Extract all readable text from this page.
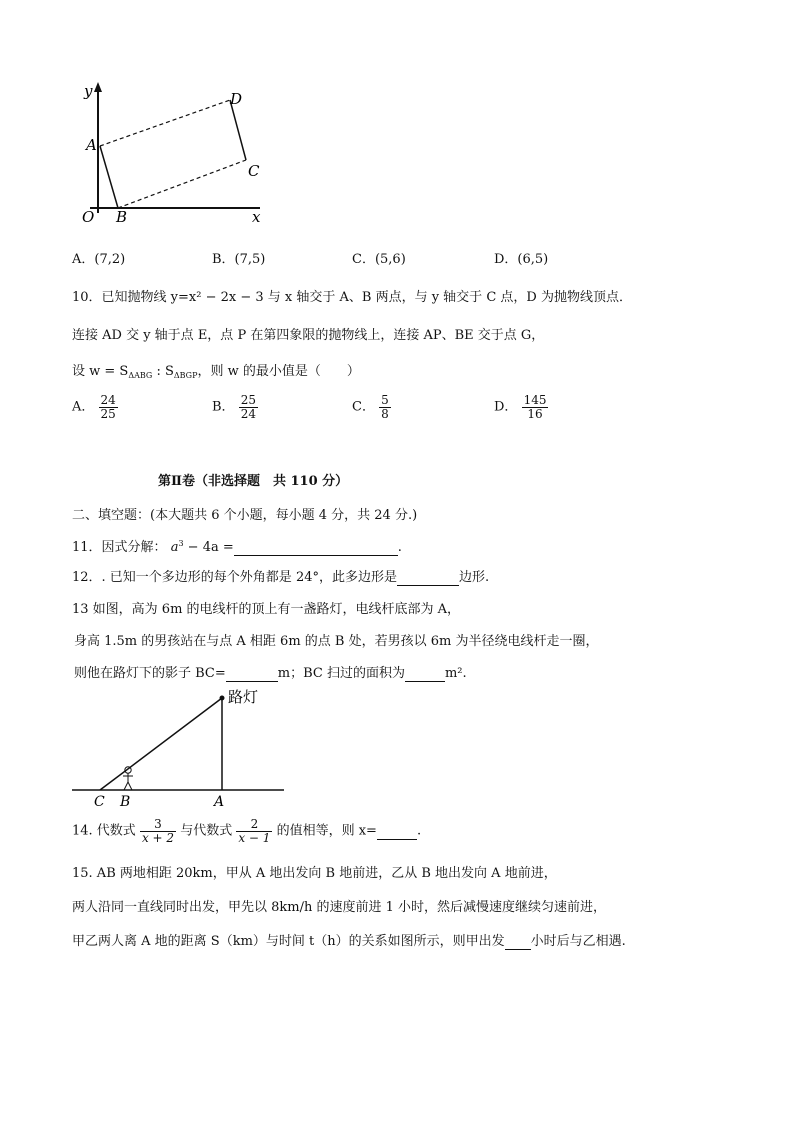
y
x
O
A
B
C
D
A．(7,2)	B．(7,5)	C．(5,6)	D．(6,5)
10．已知抛物线 y=x² − 2x − 3 与 x 轴交于 A、B 两点，与 y 轴交于 C 点，D 为抛物线顶点．
连接 AD 交 y 轴于点 E，点 P 在第四象限的抛物线上，连接 AP、BE 交于点 G，
设 $w = S_{\Delta ABG}$ : $S_{\Delta BGP}$，则 w 的最小值是（　　）
A． $\frac{24}{25}$	B． $\frac{25}{24}$	C． $\frac{5}{8}$	D． $\frac{145}{16}$
第Ⅱ卷（非选择题　共 110 分）
二、填空题：(本大题共 6 个小题，每小题 4 分，共 24 分.)
11．因式分解： $a^3 - 4a$ =	.
12．. 已知一个多边形的每个外角都是 24°，此多边形是	边形.
13 如图，高为 6m 的电线杆的顶上有一盏路灯，电线杆底部为 A，
身高 1.5m 的男孩站在与点 A 相距 6m 的点 B 处，若男孩以 6m 为半径绕电线杆走一圈，
则他在路灯下的影子 BC=	m；BC 扫过的面积为	m².
路灯
C B	A
14. 代数式 $\frac{3}{x + 2}$ 与代数式 $\frac{2}{x - 1}$ 的值相等，则 x=	.
15. AB 两地相距 20km，甲从 A 地出发向 B 地前进，乙从 B 地出发向 A 地前进，
两人沿同一直线同时出发，甲先以 8km/h 的速度前进 1 小时，然后减慢速度继续匀速前进，
甲乙两人离 A 地的距离 S（km）与时间 t（h）的关系如图所示，则甲出发 小时后与乙相遇.
